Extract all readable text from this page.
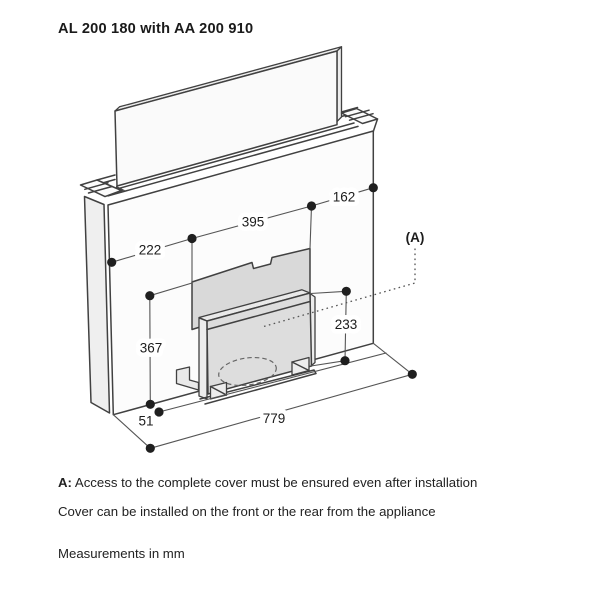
AL 200 180 with AA 200 910
162
395
222
367
233
51	779
(A)
A: Access to the complete cover must be ensured even after installation
Cover can be installed on the front or the rear from the appliance
Measurements in mm
